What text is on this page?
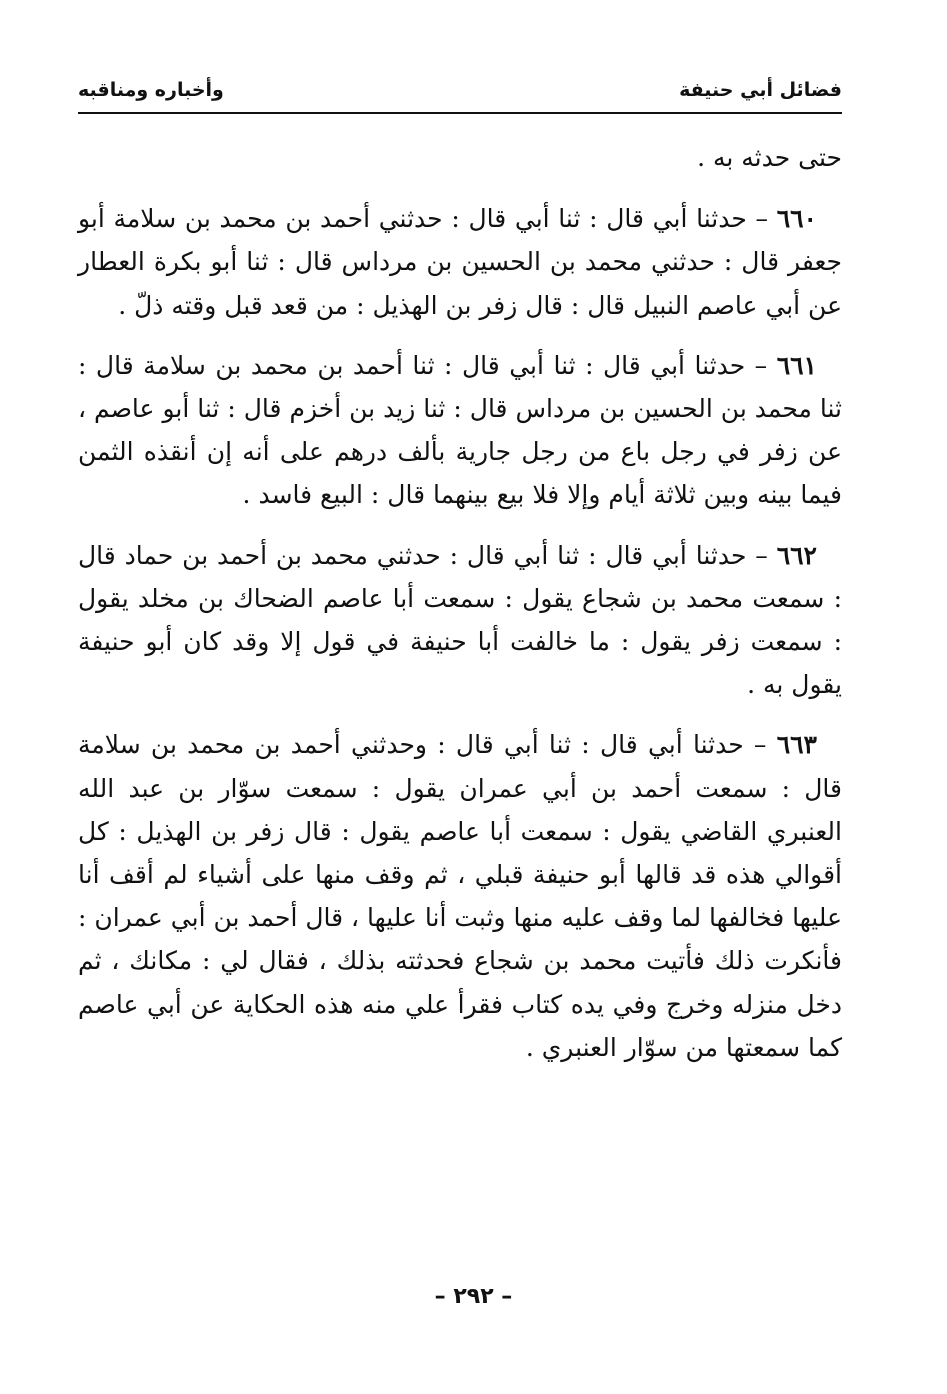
فضائل أبي حنيفة
وأخباره ومناقبه

حتى حدثه به .

 ٦٦٠ – حدثنا أبي قال : ثنا أبي قال : حدثني أحمد بن محمد بن سلامة أبو جعفر قال : حدثني محمد بن الحسين بن مرداس قال : ثنا أبو بكرة العطار عن أبي عاصم النبيل قال : قال زفر بن الهذيل : من قعد قبل وقته ذلّ .

 ٦٦١ – حدثنا أبي قال : ثنا أبي قال : ثنا أحمد بن محمد بن سلامة قال : ثنا محمد بن الحسين بن مرداس قال : ثنا زيد بن أخزم قال : ثنا أبو عاصم ، عن زفر في رجل باع من رجل جارية بألف درهم على أنه إن أنقذه الثمن فيما بينه وبين ثلاثة أيام وإلا فلا بيع بينهما قال : البيع فاسد .

 ٦٦٢ – حدثنا أبي قال : ثنا أبي قال : حدثني محمد بن أحمد بن حماد قال : سمعت محمد بن شجاع يقول : سمعت أبا عاصم الضحاك بن مخلد يقول : سمعت زفر يقول : ما خالفت أبا حنيفة في قول إلا وقد كان أبو حنيفة يقول به .

 ٦٦٣ – حدثنا أبي قال : ثنا أبي قال : وحدثني أحمد بن محمد بن سلامة قال : سمعت أحمد بن أبي عمران يقول : سمعت سوّار بن عبد الله العنبري القاضي يقول : سمعت أبا عاصم يقول : قال زفر بن الهذيل : كل أقوالي هذه قد قالها أبو حنيفة قبلي ، ثم وقف منها على أشياء لم أقف أنا عليها فخالفها لما وقف عليه منها وثبت أنا عليها ، قال أحمد بن أبي عمران : فأنكرت ذلك فأتيت محمد بن شجاع فحدثته بذلك ، فقال لي : مكانك ، ثم دخل منزله وخرج وفي يده كتاب فقرأ علي منه هذه الحكاية عن أبي عاصم كما سمعتها من سوّار العنبري .

– ٢٩٢ –
